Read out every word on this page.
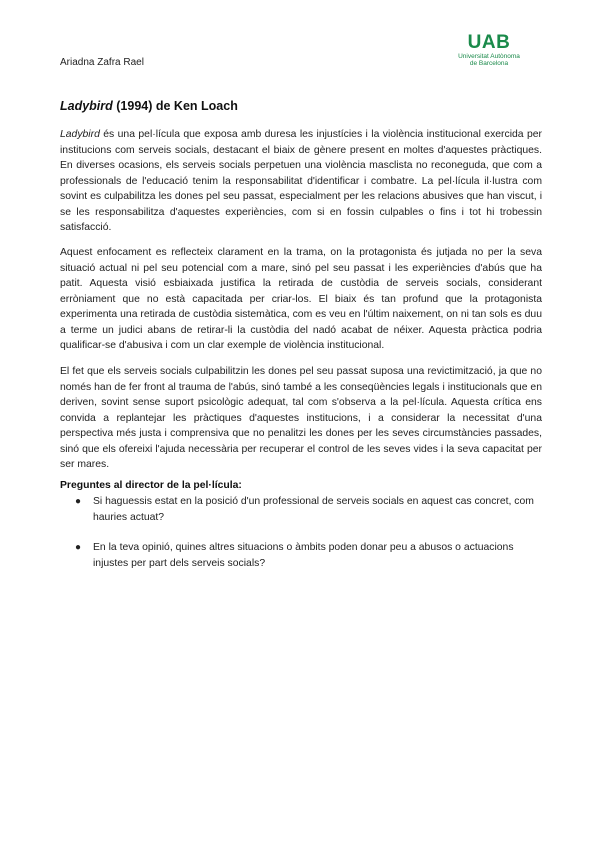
Ariadna Zafra Rael
UAB
Universitat Autònoma
de Barcelona
Ladybird (1994) de Ken Loach
Ladybird és una pel·lícula que exposa amb duresa les injustícies i la violència institucional exercida per institucions com serveis socials, destacant el biaix de gènere present en moltes d'aquestes pràctiques. En diverses ocasions, els serveis socials perpetuen una violència masclista no reconeguda, que com a professionals de l'educació tenim la responsabilitat d'identificar i combatre. La pel·lícula il·lustra com sovint es culpabilitza les dones pel seu passat, especialment per les relacions abusives que han viscut, i se les responsabilitza d'aquestes experiències, com si en fossin culpables o fins i tot hi trobessin satisfacció.
Aquest enfocament es reflecteix clarament en la trama, on la protagonista és jutjada no per la seva situació actual ni pel seu potencial com a mare, sinó pel seu passat i les experiències d'abús que ha patit. Aquesta visió esbiaixada justifica la retirada de custòdia de serveis socials, considerant erròniament que no està capacitada per criar-los. El biaix és tan profund que la protagonista experimenta una retirada de custòdia sistemàtica, com es veu en l'últim naixement, on ni tan sols es duu a terme un judici abans de retirar-li la custòdia del nadó acabat de néixer. Aquesta pràctica podria qualificar-se d'abusiva i com un clar exemple de violència institucional.
El fet que els serveis socials culpabilitzin les dones pel seu passat suposa una revictimització, ja que no només han de fer front al trauma de l'abús, sinó també a les conseqüències legals i institucionals que en deriven, sovint sense suport psicològic adequat, tal com s'observa a la pel·lícula. Aquesta crítica ens convida a replantejar les pràctiques d'aquestes institucions, i a considerar la necessitat d'una perspectiva més justa i comprensiva que no penalitzi les dones per les seves circumstàncies passades, sinó que els ofereixi l'ajuda necessària per recuperar el control de les seves vides i la seva capacitat per ser mares.
Preguntes al director de la pel·lícula:
● Si haguessis estat en la posició d'un professional de serveis socials en aquest cas concret, com hauries actuat?
● En la teva opinió, quines altres situacions o àmbits poden donar peu a abusos o actuacions injustes per part dels serveis socials?
